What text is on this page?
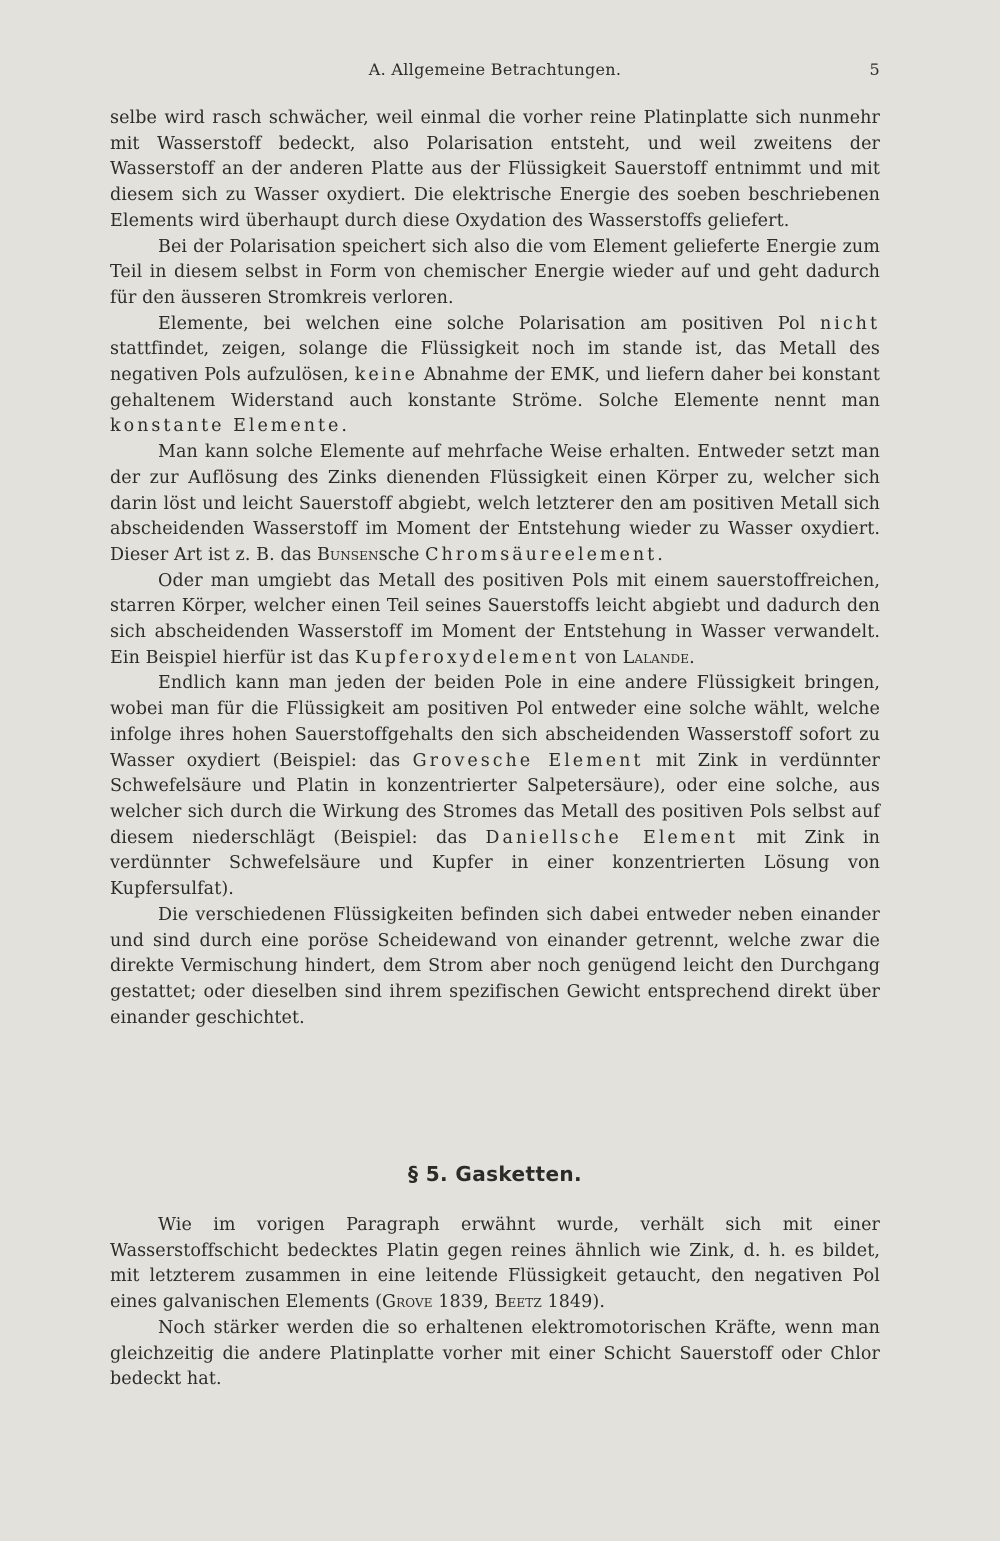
A. Allgemeine Betrachtungen.	5

selbe wird rasch schwächer, weil einmal die vorher reine Platinplatte sich nunmehr mit Wasserstoff bedeckt, also Polarisation entsteht, und weil zweitens der Wasserstoff an der anderen Platte aus der Flüssigkeit Sauerstoff entnimmt und mit diesem sich zu Wasser oxydiert. Die elektrische Energie des soeben beschriebenen Elements wird überhaupt durch diese Oxydation des Wasserstoffs geliefert.

Bei der Polarisation speichert sich also die vom Element gelieferte Energie zum Teil in diesem selbst in Form von chemischer Energie wieder auf und geht dadurch für den äusseren Stromkreis verloren.

Elemente, bei welchen eine solche Polarisation am positiven Pol nicht stattfindet, zeigen, solange die Flüssigkeit noch im stande ist, das Metall des negativen Pols aufzulösen, keine Abnahme der EMK, und liefern daher bei konstant gehaltenem Widerstand auch konstante Ströme. Solche Elemente nennt man konstante Elemente.

Man kann solche Elemente auf mehrfache Weise erhalten. Entweder setzt man der zur Auflösung des Zinks dienenden Flüssigkeit einen Körper zu, welcher sich darin löst und leicht Sauerstoff abgiebt, welch letzterer den am positiven Metall sich abscheidenden Wasserstoff im Moment der Entstehung wieder zu Wasser oxydiert. Dieser Art ist z. B. das Bunsensche Chromsäureelement.

Oder man umgiebt das Metall des positiven Pols mit einem sauerstoffreichen, starren Körper, welcher einen Teil seines Sauerstoffs leicht abgiebt und dadurch den sich abscheidenden Wasserstoff im Moment der Entstehung in Wasser verwandelt. Ein Beispiel hierfür ist das Kupferoxydelement von Lalande.

Endlich kann man jeden der beiden Pole in eine andere Flüssigkeit bringen, wobei man für die Flüssigkeit am positiven Pol entweder eine solche wählt, welche infolge ihres hohen Sauerstoffgehalts den sich abscheidenden Wasserstoff sofort zu Wasser oxydiert (Beispiel: das Grovesche Element mit Zink in verdünnter Schwefelsäure und Platin in konzentrierter Salpetersäure), oder eine solche, aus welcher sich durch die Wirkung des Stromes das Metall des positiven Pols selbst auf diesem niederschlägt (Beispiel: das Daniellsche Element mit Zink in verdünnter Schwefelsäure und Kupfer in einer konzentrierten Lösung von Kupfersulfat).

Die verschiedenen Flüssigkeiten befinden sich dabei entweder neben einander und sind durch eine poröse Scheidewand von einander getrennt, welche zwar die direkte Vermischung hindert, dem Strom aber noch genügend leicht den Durchgang gestattet; oder dieselben sind ihrem spezifischen Gewicht entsprechend direkt über einander geschichtet.

§ 5. Gasketten.

Wie im vorigen Paragraph erwähnt wurde, verhält sich mit einer Wasserstoffschicht bedecktes Platin gegen reines ähnlich wie Zink, d. h. es bildet, mit letzterem zusammen in eine leitende Flüssigkeit getaucht, den negativen Pol eines galvanischen Elements (Grove 1839, Beetz 1849).

Noch stärker werden die so erhaltenen elektromotorischen Kräfte, wenn man gleichzeitig die andere Platinplatte vorher mit einer Schicht Sauerstoff oder Chlor bedeckt hat.
